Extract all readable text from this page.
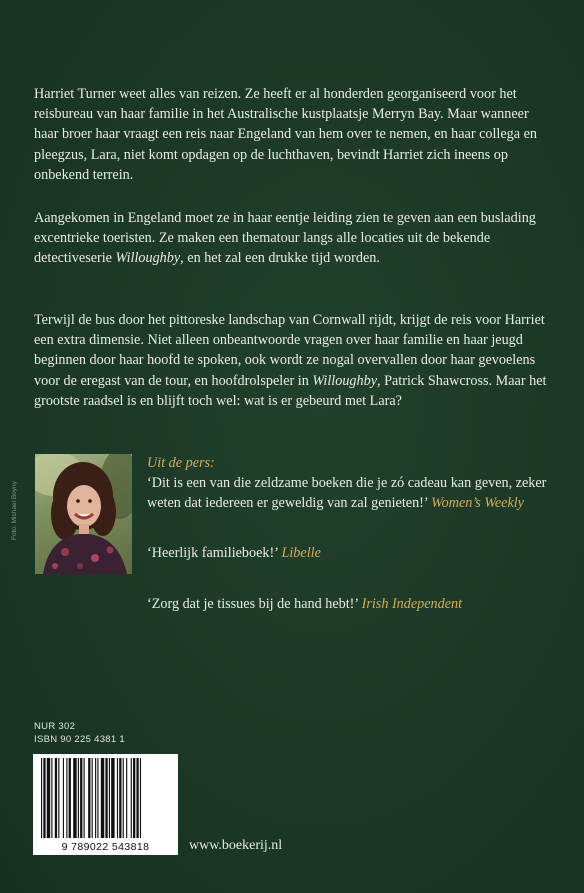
Harriet Turner weet alles van reizen. Ze heeft er al honderden georganiseerd voor het reisbureau van haar familie in het Australische kustplaatsje Merryn Bay. Maar wanneer haar broer haar vraagt een reis naar Engeland van hem over te nemen, en haar collega en pleegzus, Lara, niet komt opdagen op de luchthaven, bevindt Harriet zich ineens op onbekend terrein.

Aangekomen in Engeland moet ze in haar eentje leiding zien te geven aan een buslading excentrieke toeristen. Ze maken een thematour langs alle locaties uit de bekende detectiveserie Willoughby, en het zal een drukke tijd worden.

Terwijl de bus door het pittoreske landschap van Cornwall rijdt, krijgt de reis voor Harriet een extra dimensie. Niet alleen onbeantwoorde vragen over haar familie en haar jeugd beginnen door haar hoofd te spoken, ook wordt ze nogal overvallen door haar gevoelens voor de eregast van de tour, en hoofdrolspeler in Willoughby, Patrick Shawcross. Maar het grootste raadsel is en blijft toch wel: wat is er gebeurd met Lara?

Foto: Michael Boyny

Uit de pers:

‘Dit is een van die zeldzame boeken die je zó cadeau kan geven, zeker weten dat iedereen er geweldig van zal genieten!’ Women’s Weekly

‘Heerlijk familieboek!’ Libelle

‘Zorg dat je tissues bij de hand hebt!’ Irish Independent

NUR 302

ISBN 90 225 4381 1

9 789022 543818	www.boekerij.nl
